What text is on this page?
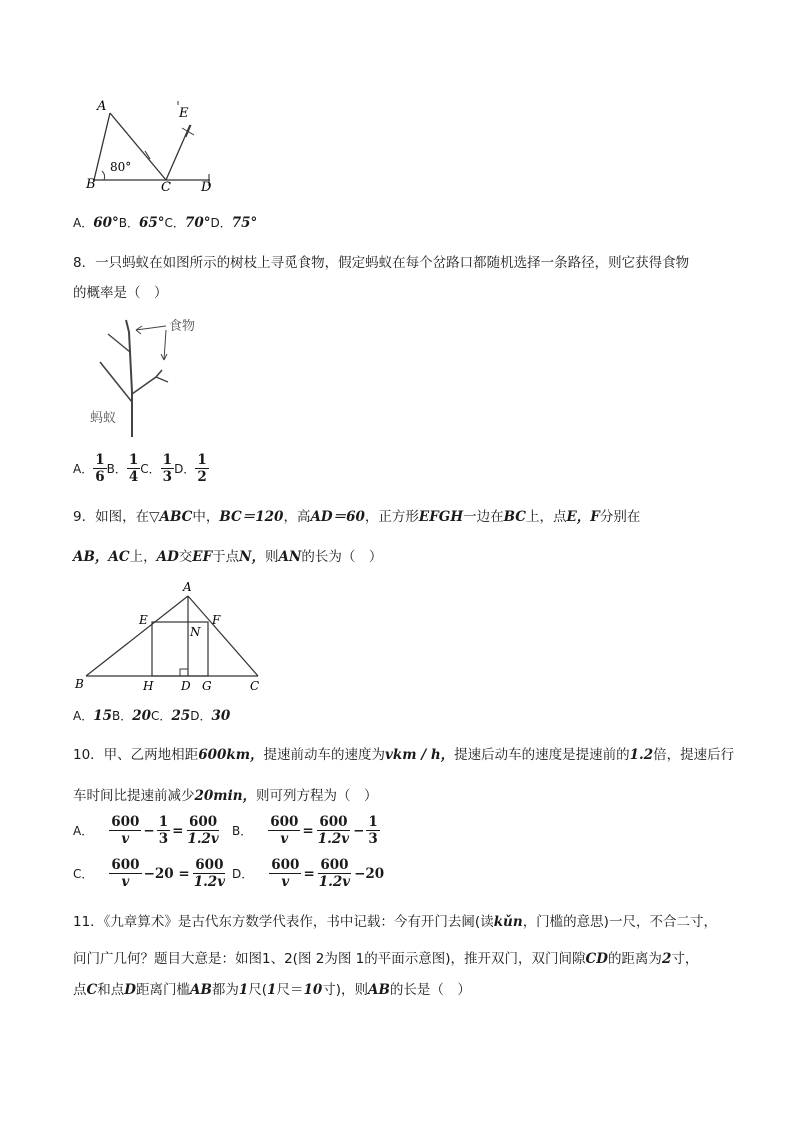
A
B	C D
E
80°
A．60°B．65°C．70°D．75°
8．一只蚂蚁在如图所示的树枝上寻觅食物，假定蚂蚁在每个岔路口都随机选择一条路径，则它获得食物
的概率是（　）
食物
蚂蚁
A． $\frac{1}{6}$ B． $\frac{1}{4}$ C． $\frac{1}{3}$ D． $\frac{1}{2}$
9．如图，在▽ABC中，BC＝120，高AD＝60，正方形EFGH一边在BC上，点E，F分别在
AB，AC上，AD交EF于点N，则AN的长为（　）
A
E	F
N
B	H D G	C
A．15B．20C．25D．30
10．甲、乙两地相距600km，提速前动车的速度为vkm / h，提速后动车的速度是提速前的1.2倍，提速后行
车时间比提速前减少20min，则可列方程为（　）
A． $\frac{600}{v} - \frac{1}{3} = \frac{600}{1.2v}$ B． $\frac{600}{v} = \frac{600}{1.2v} - \frac{1}{3}$
C． $\frac{600}{v} -20 = \frac{600}{1.2v}$ D． $\frac{600}{v} = \frac{600}{1.2v} -20$
11．《九章算术》是古代东方数学代表作，书中记载：今有开门去阃(读kǔn，门槛的意思)一尺，不合二寸，
问门广几何？题目大意是：如图1、2(图 2为图 1的平面示意图)，推开双门，双门间隙CD的距离为2寸，
点C和点D距离门槛AB都为1尺(1尺＝10寸)，则AB的长是（　）
